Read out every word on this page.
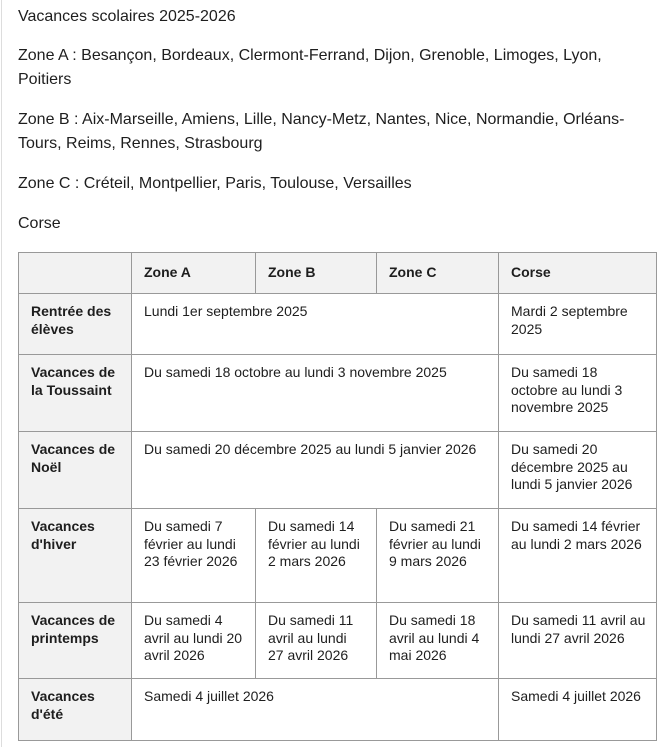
Vacances scolaires 2025-2026
Zone A : Besançon, Bordeaux, Clermont-Ferrand, Dijon, Grenoble, Limoges, Lyon, Poitiers
Zone B : Aix-Marseille, Amiens, Lille, Nancy-Metz, Nantes, Nice, Normandie, Orléans-Tours, Reims, Rennes, Strasbourg
Zone C : Créteil, Montpellier, Paris, Toulouse, Versailles
Corse
	Zone A	Zone B	Zone C	Corse
Rentrée des élèves	Lundi 1er septembre 2025			Mardi 2 septembre 2025
Vacances de la Toussaint	Du samedi 18 octobre au lundi 3 novembre 2025			Du samedi 18 octobre au lundi 3 novembre 2025
Vacances de Noël	Du samedi 20 décembre 2025 au lundi 5 janvier 2026			Du samedi 20 décembre 2025 au lundi 5 janvier 2026
Vacances d'hiver	Du samedi 7 février au lundi 23 février 2026	Du samedi 14 février au lundi 2 mars 2026	Du samedi 21 février au lundi 9 mars 2026	Du samedi 14 février au lundi 2 mars 2026
Vacances de printemps	Du samedi 4 avril au lundi 20 avril 2026	Du samedi 11 avril au lundi 27 avril 2026	Du samedi 18 avril au lundi 4 mai 2026	Du samedi 11 avril au lundi 27 avril 2026
Vacances d'été	Samedi 4 juillet 2026			Samedi 4 juillet 2026
